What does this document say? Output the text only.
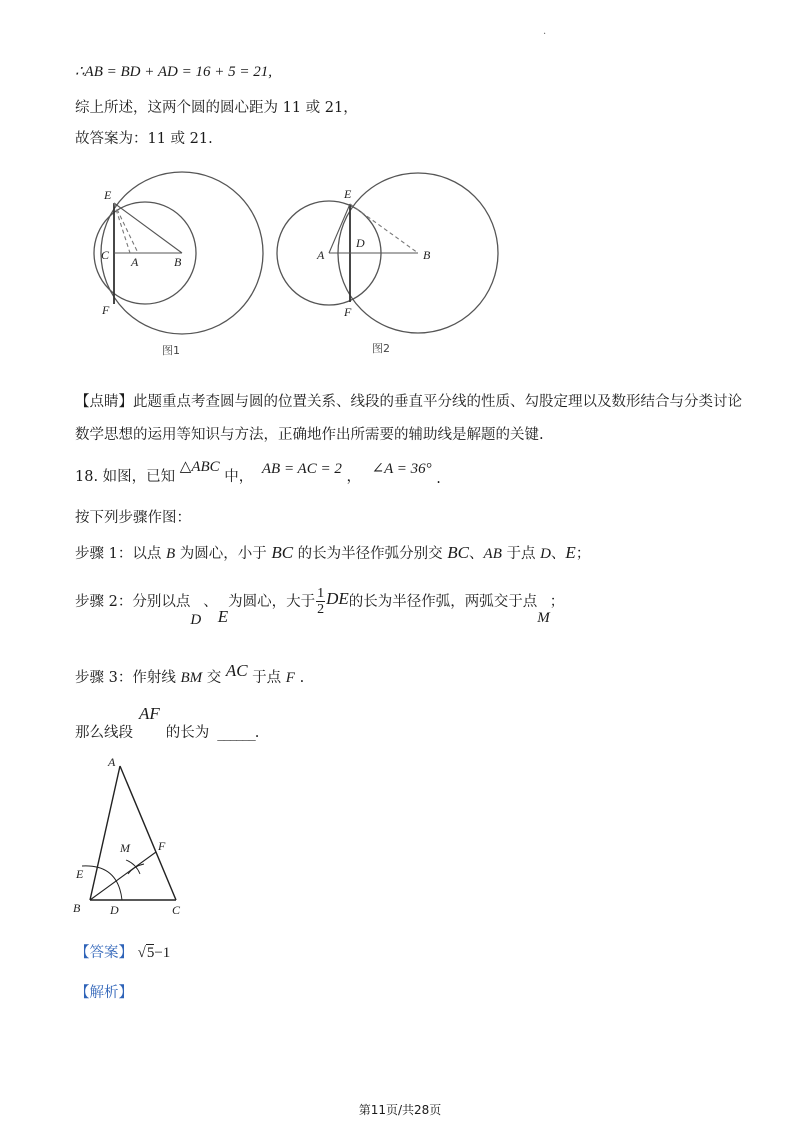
.
∴AB = BD + AD = 16 + 5 = 21,
综上所述，这两个圆的圆心距为 11 或 21，
故答案为：11 或 21.
E
C A	B
F
图1
E
D
A	B
F
图2
【点睛】此题重点考查圆与圆的位置关系、线段的垂直平分线的性质、勾股定理以及数形结合与分类讨论
数学思想的运用等知识与方法，正确地作出所需要的辅助线是解题的关键.
18. 如图，已知 △ABC 中， AB = AC = 2 ， ∠A = 36° .
按下列步骤作图：
步骤 1：以点 B 为圆心，小于 BC 的长为半径作弧分别交 BC、AB 于点 D、E；
步骤 2：分别以点D、E为圆心，大于 $\frac{1}{2}$ DE的长为半径作弧，两弧交于点M；
步骤 3：作射线 BM 交 AC 于点 F .
那么线段AF的长为 ______.
A
M F
E
B D	C
【答案】 √5−1
【解析】
第11页/共28页
